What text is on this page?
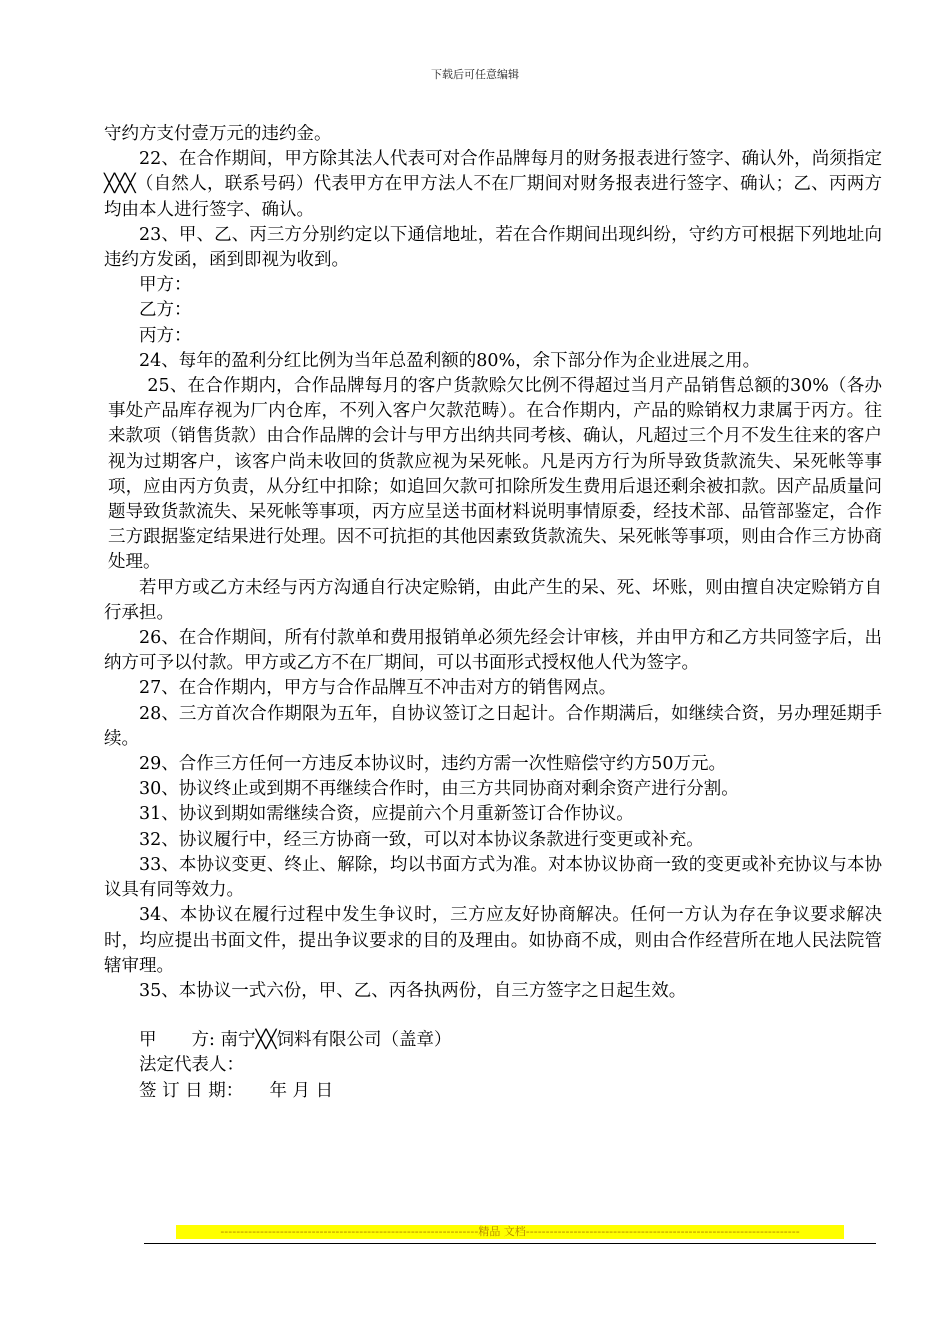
下载后可任意编辑

守约方支付壹万元的违约金。

22、在合作期间，甲方除其法人代表可对合作品牌每月的财务报表进行签字、确认外，尚须指定╳╳╳（自然人，联系号码）代表甲方在甲方法人不在厂期间对财务报表进行签字、确认；乙、丙两方均由本人进行签字、确认。

23、甲、乙、丙三方分别约定以下通信地址，若在合作期间出现纠纷，守约方可根据下列地址向违约方发函，函到即视为收到。

甲方：

乙方：

丙方：

24、每年的盈利分红比例为当年总盈利额的80%，余下部分作为企业进展之用。

25、在合作期内，合作品牌每月的客户货款赊欠比例不得超过当月产品销售总额的30%（各办事处产品库存视为厂内仓库，不列入客户欠款范畴）。在合作期内，产品的赊销权力隶属于丙方。往来款项（销售货款）由合作品牌的会计与甲方出纳共同考核、确认，凡超过三个月不发生往来的客户视为过期客户，该客户尚未收回的货款应视为呆死帐。凡是丙方行为所导致货款流失、呆死帐等事项，应由丙方负责，从分红中扣除；如追回欠款可扣除所发生费用后退还剩余被扣款。因产品质量问题导致货款流失、呆死帐等事项，丙方应呈送书面材料说明事情原委，经技术部、品管部鉴定，合作三方跟据鉴定结果进行处理。因不可抗拒的其他因素致货款流失、呆死帐等事项，则由合作三方协商处理。

若甲方或乙方未经与丙方沟通自行决定赊销，由此产生的呆、死、坏账，则由擅自决定赊销方自行承担。

26、在合作期间，所有付款单和费用报销单必须先经会计审核，并由甲方和乙方共同签字后，出纳方可予以付款。甲方或乙方不在厂期间，可以书面形式授权他人代为签字。

27、在合作期内，甲方与合作品牌互不冲击对方的销售网点。

28、三方首次合作期限为五年，自协议签订之日起计。合作期满后，如继续合资，另办理延期手续。

29、合作三方任何一方违反本协议时，违约方需一次性赔偿守约方50万元。

30、协议终止或到期不再继续合作时，由三方共同协商对剩余资产进行分割。

31、协议到期如需继续合资，应提前六个月重新签订合作协议。

32、协议履行中，经三方协商一致，可以对本协议条款进行变更或补充。

33、本协议变更、终止、解除，均以书面方式为准。对本协议协商一致的变更或补充协议与本协议具有同等效力。

34、本协议在履行过程中发生争议时，三方应友好协商解决。任何一方认为存在争议要求解决时，均应提出书面文件，提出争议要求的目的及理由。如协商不成，则由合作经营所在地人民法院管辖审理。

35、本协议一式六份，甲、乙、丙各执两份，自三方签字之日起生效。

甲　　方: 南宁╳╳饲料有限公司（盖章）

法定代表人：

签 订 日 期：　　年 月 日

-----------------------------------------------------------------精品 文档---------------------------------------------------------------------
